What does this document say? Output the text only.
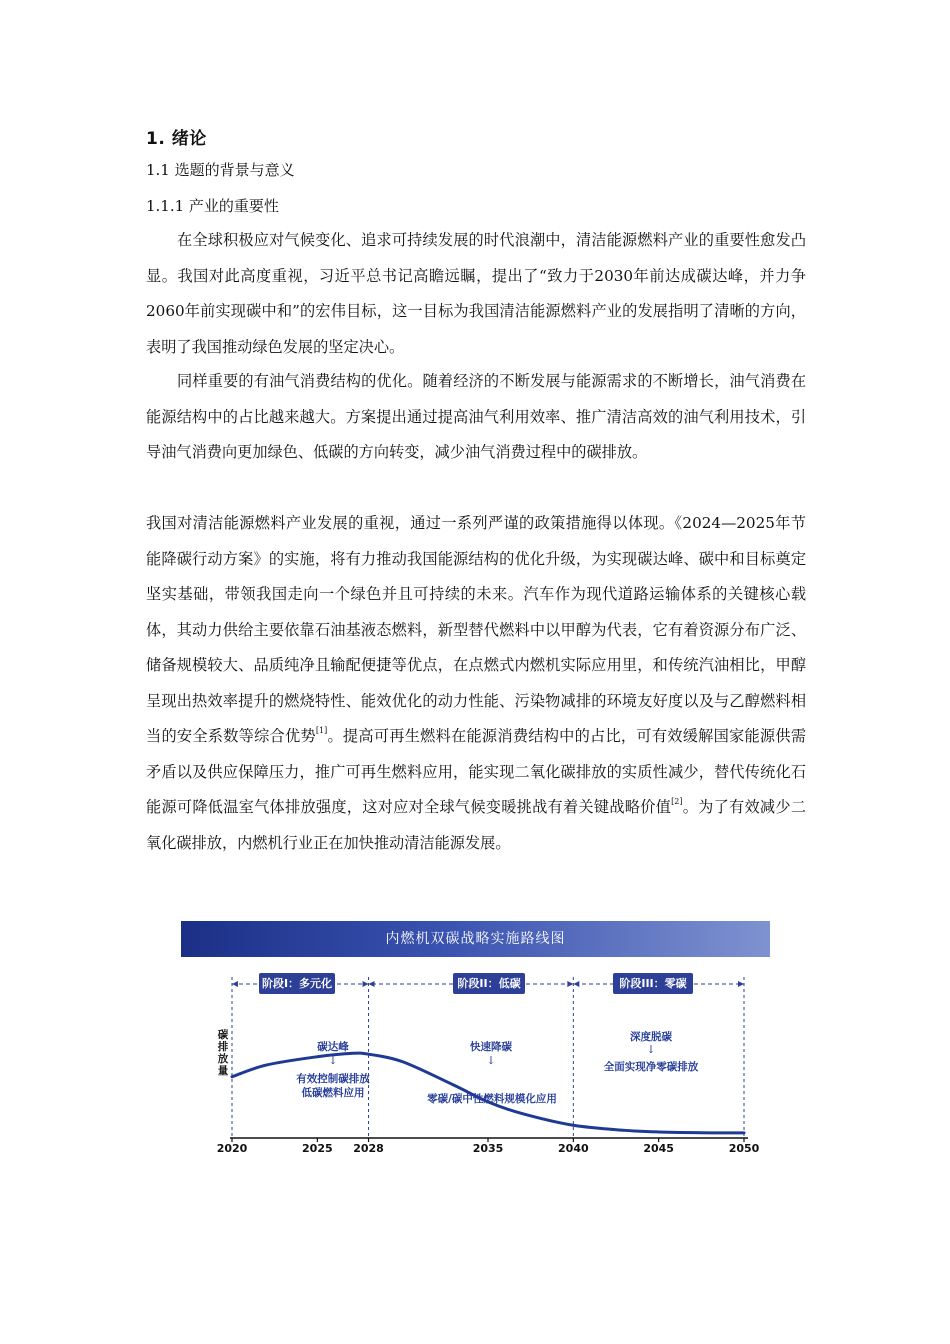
1. 绪论
1.1 选题的背景与意义
1.1.1 产业的重要性

在全球积极应对气候变化、追求可持续发展的时代浪潮中，清洁能源燃料产业的重要性愈发凸显。我国对此高度重视，习近平总书记高瞻远瞩，提出了“致力于2030年前达成碳达峰，并力争2060年前实现碳中和”的宏伟目标，这一目标为我国清洁能源燃料产业的发展指明了清晰的方向，表明了我国推动绿色发展的坚定决心。

同样重要的有油气消费结构的优化。随着经济的不断发展与能源需求的不断增长，油气消费在能源结构中的占比越来越大。方案提出通过提高油气利用效率、推广清洁高效的油气利用技术，引导油气消费向更加绿色、低碳的方向转变，减少油气消费过程中的碳排放。

我国对清洁能源燃料产业发展的重视，通过一系列严谨的政策措施得以体现。《2024—2025年节能降碳行动方案》的实施，将有力推动我国能源结构的优化升级，为实现碳达峰、碳中和目标奠定坚实基础，带领我国走向一个绿色并且可持续的未来。汽车作为现代道路运输体系的关键核心载体，其动力供给主要依靠石油基液态燃料，新型替代燃料中以甲醇为代表，它有着资源分布广泛、储备规模较大、品质纯净且输配便捷等优点，在点燃式内燃机实际应用里，和传统汽油相比，甲醇呈现出热效率提升的燃烧特性、能效优化的动力性能、污染物减排的环境友好度以及与乙醇燃料相当的安全系数等综合优势[1]。提高可再生燃料在能源消费结构中的占比，可有效缓解国家能源供需矛盾以及供应保障压力，推广可再生燃料应用，能实现二氧化碳排放的实质性减少，替代传统化石能源可降低温室气体排放强度，这对应对全球气候变暖挑战有着关键战略价值[2]。为了有效减少二氧化碳排放，内燃机行业正在加快推动清洁能源发展。

内燃机双碳战略实施路线图
阶段I：多元化	阶段II：低碳	阶段III：零碳
碳排放量
碳达峰
↓
有效控制碳排放
低碳燃料应用
快速降碳
↓
零碳/碳中性燃料规模化应用
深度脱碳
↓
全面实现净零碳排放
2020	2025 2028	2035	2040	2045	2050
